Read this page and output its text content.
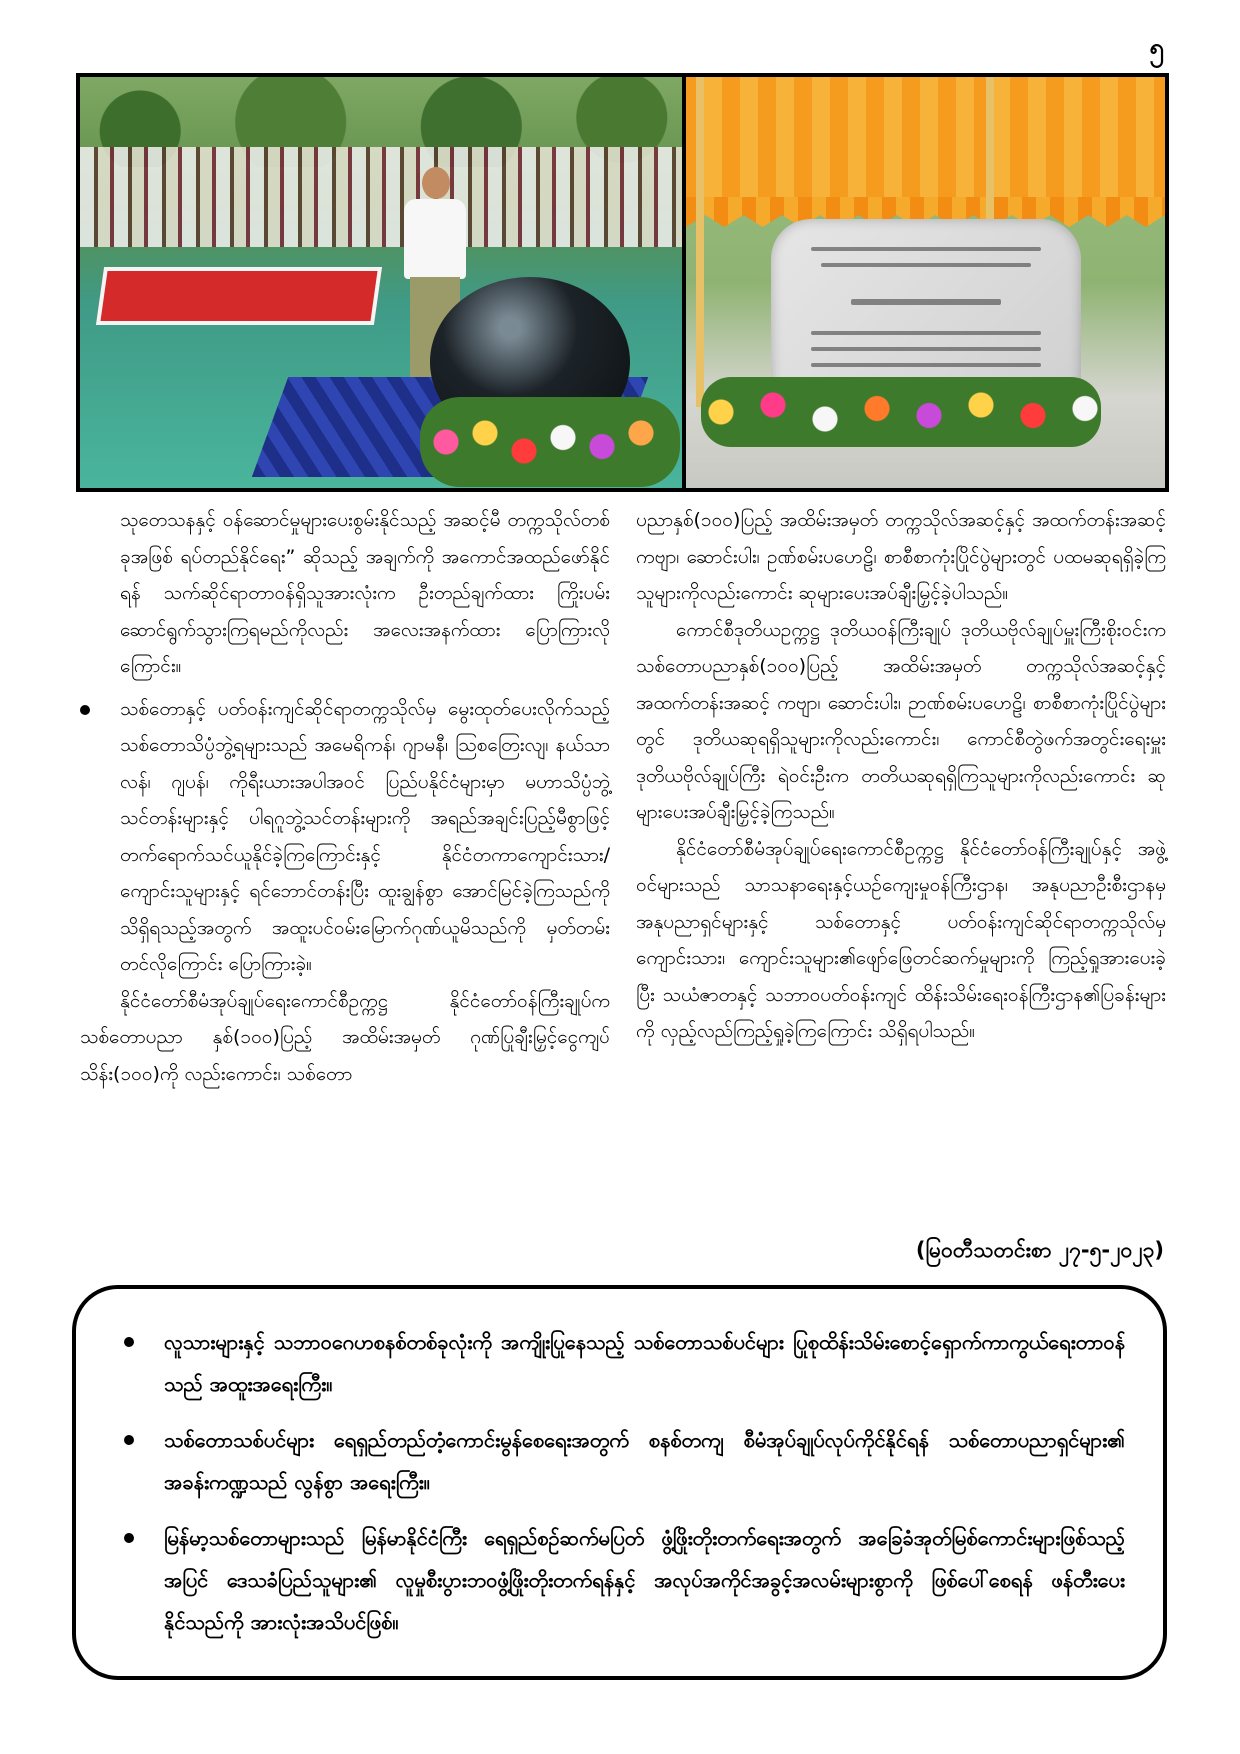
၅

သုတေသနနှင့် ဝန်ဆောင်မှုများပေးစွမ်းနိုင်သည့် အဆင့်မီ တက္ကသိုလ်တစ်ခုအဖြစ် ရပ်တည်နိုင်ရေး” ဆိုသည့် အချက်ကို အကောင်အထည်ဖော်နိုင်ရန် သက်ဆိုင်ရာတာဝန်ရှိသူအားလုံးက ဦးတည်ချက်ထား ကြိုးပမ်းဆောင်ရွက်သွားကြရမည်ကိုလည်း အလေးအနက်ထား ပြောကြားလိုကြောင်း။

သစ်တောနှင့် ပတ်ဝန်းကျင်ဆိုင်ရာတက္ကသိုလ်မှ မွေးထုတ်ပေးလိုက်သည့် သစ်တောသိပ္ပံဘွဲ့ရများသည် အမေရိကန်၊ ဂျာမနီ၊ သြစတြေးလျ၊ နယ်သာလန်၊ ဂျပန်၊ ကိုရီးယားအပါအဝင် ပြည်ပနိုင်ငံများမှာ မဟာသိပ္ပံဘွဲ့သင်တန်းများနှင့် ပါရဂူဘွဲ့သင်တန်းများကို အရည်အချင်းပြည့်မီစွာဖြင့် တက်ရောက်သင်ယူနိုင်ခဲ့ကြကြောင်းနှင့် နိုင်ငံတကာကျောင်းသား/ကျောင်းသူများနှင့် ရင်ဘောင်တန်းပြီး ထူးချွန်စွာ အောင်မြင်ခဲ့ကြသည်ကို သိရှိရသည့်အတွက် အထူးပင်ဝမ်းမြောက်ဂုဏ်ယူမိသည်ကို မှတ်တမ်းတင်လိုကြောင်း ပြောကြားခဲ့။

နိုင်ငံတော်စီမံအုပ်ချုပ်ရေးကောင်စီဥက္ကဋ္ဌ နိုင်ငံတော်ဝန်ကြီးချုပ်က သစ်တောပညာ နှစ်(၁၀၀)ပြည့် အထိမ်းအမှတ် ဂုဏ်ပြုချီးမြှင့်ငွေကျပ်သိန်း(၁၀၀)ကို လည်းကောင်း၊ သစ်တော

ပညာနှစ်(၁၀၀)ပြည့် အထိမ်းအမှတ် တက္ကသိုလ်အဆင့်နှင့် အထက်တန်းအဆင့် ကဗျာ၊ ဆောင်းပါး၊ ဥဏ်စမ်းပဟေဠိ၊ စာစီစာကုံးပြိုင်ပွဲများတွင် ပထမဆုရရှိခဲ့ကြသူများကိုလည်းကောင်း ဆုများပေးအပ်ချီးမြှင့်ခဲ့ပါသည်။

ကောင်စီဒုတိယဥက္ကဋ္ဌ ဒုတိယဝန်ကြီးချုပ် ဒုတိယဗိုလ်ချုပ်မှူးကြီးစိုးဝင်းက သစ်တောပညာနှစ်(၁၀၀)ပြည့် အထိမ်းအမှတ် တက္ကသိုလ်အဆင့်နှင့် အထက်တန်းအဆင့် ကဗျာ၊ ဆောင်းပါး၊ ဉာဏ်စမ်းပဟေဠိ၊ စာစီစာကုံးပြိုင်ပွဲများတွင် ဒုတိယဆုရရှိသူများကိုလည်းကောင်း၊ ကောင်စီတွဲဖက်အတွင်းရေးမှူး ဒုတိယဗိုလ်ချုပ်ကြီး ရဲဝင်းဦးက တတိယဆုရရှိကြသူများကိုလည်းကောင်း ဆုများပေးအပ်ချီးမြှင့်ခဲ့ကြသည်။

နိုင်ငံတော်စီမံအုပ်ချုပ်ရေးကောင်စီဥက္ကဋ္ဌ နိုင်ငံတော်ဝန်ကြီးချုပ်နှင့် အဖွဲ့ဝင်များသည် သာသနာရေးနှင့်ယဉ်ကျေးမှုဝန်ကြီးဌာန၊ အနုပညာဦးစီးဌာနမှ အနုပညာရှင်များနှင့် သစ်တောနှင့် ပတ်ဝန်းကျင်ဆိုင်ရာတက္ကသိုလ်မှ ကျောင်းသား၊ ကျောင်းသူများ၏ဖျော်ဖြေတင်ဆက်မှုများကို ကြည့်ရှုအားပေးခဲ့ပြီး သယံဇာတနှင့် သဘာဝပတ်ဝန်းကျင် ထိန်းသိမ်းရေးဝန်ကြီးဌာန၏ပြခန်းများကို လှည့်လည်ကြည့်ရှုခဲ့ကြကြောင်း သိရှိရပါသည်။

(မြဝတီသတင်းစာ ၂၇-၅-၂၀၂၃)
လူသားများနှင့် သဘာဝဂေဟစနစ်တစ်ခုလုံးကို အကျိုးပြုနေသည့် သစ်တောသစ်ပင်များ ပြုစုထိန်းသိမ်းစောင့်ရှောက်ကာကွယ်ရေးတာဝန်သည် အထူးအရေးကြီး။
သစ်တောသစ်ပင်များ ရေရှည်တည်တံ့ကောင်းမွန်စေရေးအတွက် စနစ်တကျ စီမံအုပ်ချုပ်လုပ်ကိုင်နိုင်ရန် သစ်တောပညာရှင်များ၏ အခန်းကဏ္ဍသည် လွန်စွာ အရေးကြီး။
မြန်မာ့သစ်တောများသည် မြန်မာနိုင်ငံကြီး ရေရှည်စဉ်ဆက်မပြတ် ဖွံ့ဖြိုးတိုးတက်ရေးအတွက် အခြေခံအုတ်မြစ်ကောင်းများဖြစ်သည့်အပြင် ဒေသခံပြည်သူများ၏ လူမှုစီးပွားဘဝဖွံ့ဖြိုးတိုးတက်ရန်နှင့် အလုပ်အကိုင်အခွင့်အလမ်းများစွာကို ဖြစ်ပေါ်စေရန် ဖန်တီးပေးနိုင်သည်ကို အားလုံးအသိပင်ဖြစ်။
